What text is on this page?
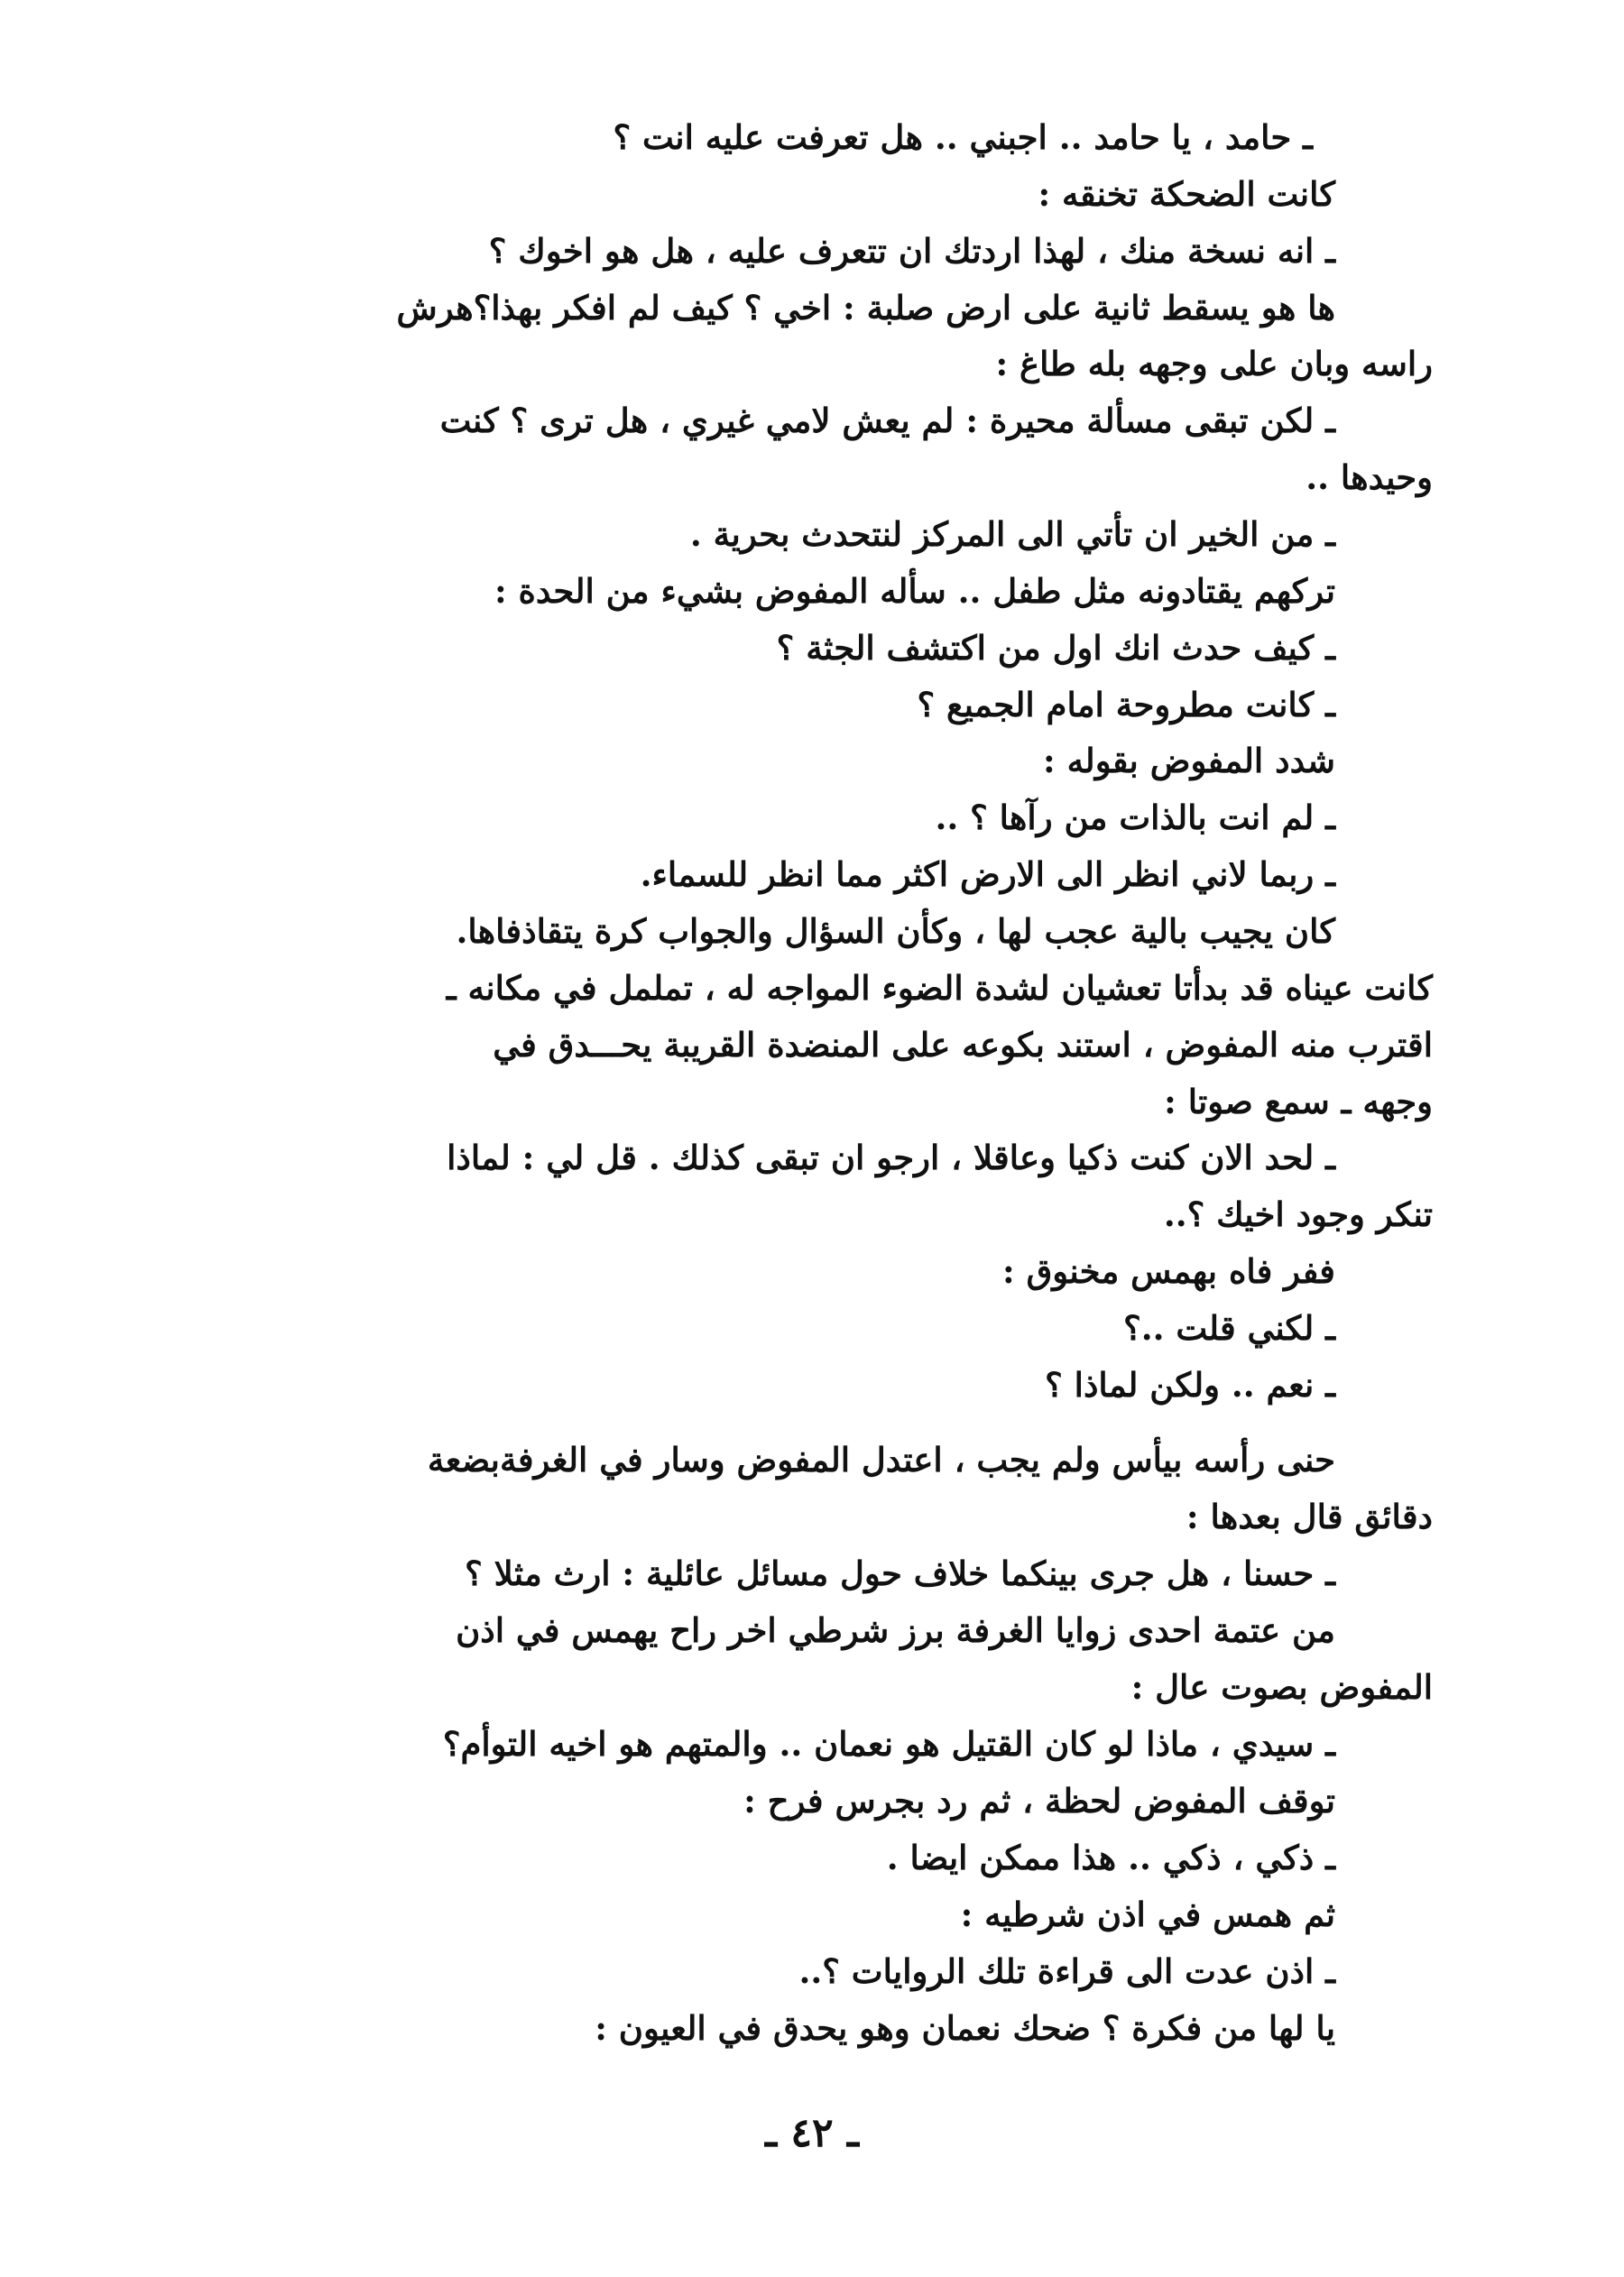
ـ حامد ، يا حامد .. اجبني .. هل تعرفت عليه انت ؟
كانت الضحكة تخنقه :
ـ انه نسخة منك ، لهذا اردتك ان تتعرف عليه ، هل هو اخوك ؟
ها هو يسقط ثانية على ارض صلبة : اخي ؟ كيف لم افكر بهذا؟هرش
راسه وبان على وجهه بله طاغ :
ـ لكن تبقى مسألة محيرة : لم يعش لامي غيري ، هل ترى ؟ كنت
وحيدها ..
ـ من الخير ان تأتي الى المركز لنتحدث بحرية .
تركهم يقتادونه مثل طفل .. سأله المفوض بشيء من الحدة :
ـ كيف حدث انك اول من اكتشف الجثة ؟
ـ كانت مطروحة امام الجميع ؟
شدد المفوض بقوله :
ـ لم انت بالذات من رآها ؟ ..
ـ ربما لاني انظر الى الارض اكثر مما انظر للسماء.
كان يجيب بالية عجب لها ، وكأن السؤال والجواب كرة يتقاذفاها.
كانت عيناه قد بدأتا تعشيان لشدة الضوء المواجه له ، تململ في مكانه ـ
اقترب منه المفوض ، استند بكوعه على المنضدة القريبة يحـــدق في
وجهه ـ سمع صوتا :
ـ لحد الان كنت ذكيا وعاقلا ، ارجو ان تبقى كذلك . قل لي : لماذا
تنكر وجود اخيك ؟..
ففر فاه بهمس مخنوق :
ـ لكني قلت ..؟
ـ نعم .. ولكن لماذا ؟
حنى رأسه بيأس ولم يجب ، اعتدل المفوض وسار في الغرفةبضعة
دقائق قال بعدها :
ـ حسنا ، هل جرى بينكما خلاف حول مسائل عائلية : ارث مثلا ؟
من عتمة احدى زوايا الغرفة برز شرطي اخر راح يهمس في اذن
المفوض بصوت عال :
ـ سيدي ، ماذا لو كان القتيل هو نعمان .. والمتهم هو اخيه التوأم؟
توقف المفوض لحظة ، ثم رد بجرس فرح :
ـ ذكي ، ذكي .. هذا ممكن ايضا .
ثم همس في اذن شرطيه :
ـ اذن عدت الى قراءة تلك الروايات ؟..
يا لها من فكرة ؟ ضحك نعمان وهو يحدق في العيون :
ـ ٤٢ ـ
